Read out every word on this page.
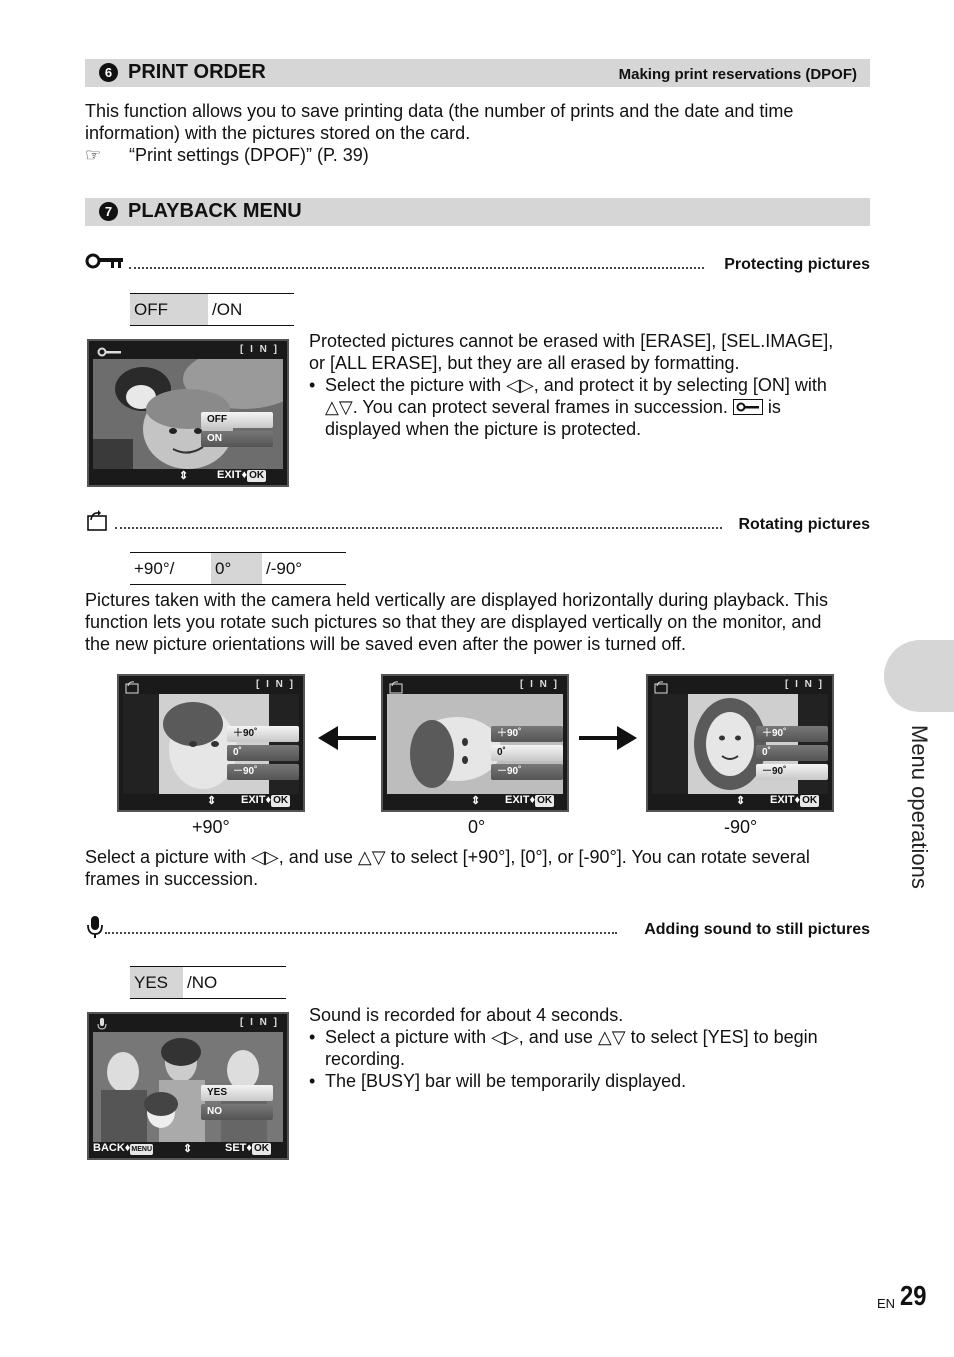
6 PRINT ORDER	Making print reservations (DPOF)
This function allows you to save printing data (the number of prints and the date and time
information) with the pictures stored on the card.
☞ “Print settings (DPOF)” (P. 39)
7 PLAYBACK MENU
Protecting pictures
OFF	/ON
[ I N ]
OFF
ON
⇕	EXIT♦ OK
Protected pictures cannot be erased with [ERASE], [SEL.IMAGE],
or [ALL ERASE], but they are all erased by formatting.
• Select the picture with ◁▷, and protect it by selecting [ON] with
△▽. You can protect several frames in succession. is
displayed when the picture is protected.
Rotating pictures
+90°/	0°	/-90°
Pictures taken with the camera held vertically are displayed horizontally during playback. This
function lets you rotate such pictures so that they are displayed vertically on the monitor, and
the new picture orientations will be saved even after the power is turned off.
[ I N ]
＋90˚
0˚
－90˚
⇕ EXIT♦ OK
[ I N ]
＋90˚
0˚
－90˚
⇕ EXIT♦ OK
[ I N ]
＋90˚
0˚
－90˚
⇕ EXIT♦ OK
+90°	0°	-90°
Select a picture with ◁▷, and use △▽ to select [+90°], [0°], or [-90°]. You can rotate several
frames in succession.
Adding sound to still pictures
YES	/NO
[ I N ]
YES
NO
BACK♦MENU	⇕	SET♦ OK
Sound is recorded for about 4 seconds.
• Select a picture with ◁▷, and use △▽ to select [YES] to begin
recording.
• The [BUSY] bar will be temporarily displayed.
Menu operations
EN 29
